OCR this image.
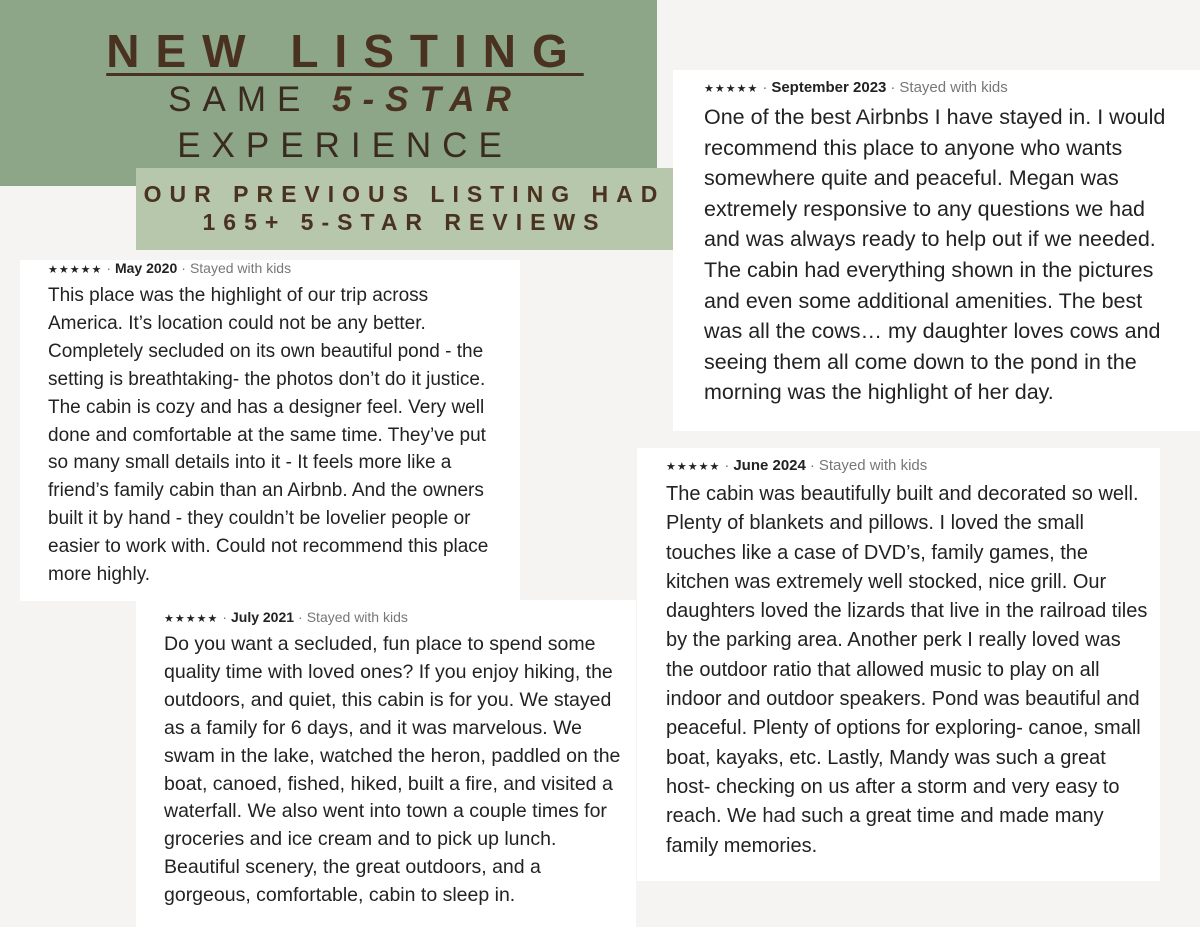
NEW LISTING
SAME 5-STAR
EXPERIENCE
OUR PREVIOUS LISTING HAD
165+ 5-STAR REVIEWS
★★★★★ · September 2023 · Stayed with kids
One of the best Airbnbs I have stayed in. I would recommend this place to anyone who wants somewhere quite and peaceful. Megan was extremely responsive to any questions we had and was always ready to help out if we needed. The cabin had everything shown in the pictures and even some additional amenities. The best was all the cows… my daughter loves cows and seeing them all come down to the pond in the morning was the highlight of her day.
★★★★★ · May 2020 · Stayed with kids
This place was the highlight of our trip across America. It’s location could not be any better. Completely secluded on its own beautiful pond - the setting is breathtaking- the photos don’t do it justice. The cabin is cozy and has a designer feel. Very well done and comfortable at the same time. They’ve put so many small details into it - It feels more like a friend’s family cabin than an Airbnb. And the owners built it by hand - they couldn’t be lovelier people or easier to work with. Could not recommend this place more highly.
★★★★★ · July 2021 · Stayed with kids
Do you want a secluded, fun place to spend some quality time with loved ones? If you enjoy hiking, the outdoors, and quiet, this cabin is for you. We stayed as a family for 6 days, and it was marvelous. We swam in the lake, watched the heron, paddled on the boat, canoed, fished, hiked, built a fire, and visited a waterfall. We also went into town a couple times for groceries and ice cream and to pick up lunch. Beautiful scenery, the great outdoors, and a gorgeous, comfortable, cabin to sleep in.
★★★★★ · June 2024 · Stayed with kids
The cabin was beautifully built and decorated so well. Plenty of blankets and pillows. I loved the small touches like a case of DVD’s, family games, the kitchen was extremely well stocked, nice grill. Our daughters loved the lizards that live in the railroad tiles by the parking area. Another perk I really loved was the outdoor ratio that allowed music to play on all indoor and outdoor speakers. Pond was beautiful and peaceful. Plenty of options for exploring- canoe, small boat, kayaks, etc. Lastly, Mandy was such a great host- checking on us after a storm and very easy to reach. We had such a great time and made many family memories.
